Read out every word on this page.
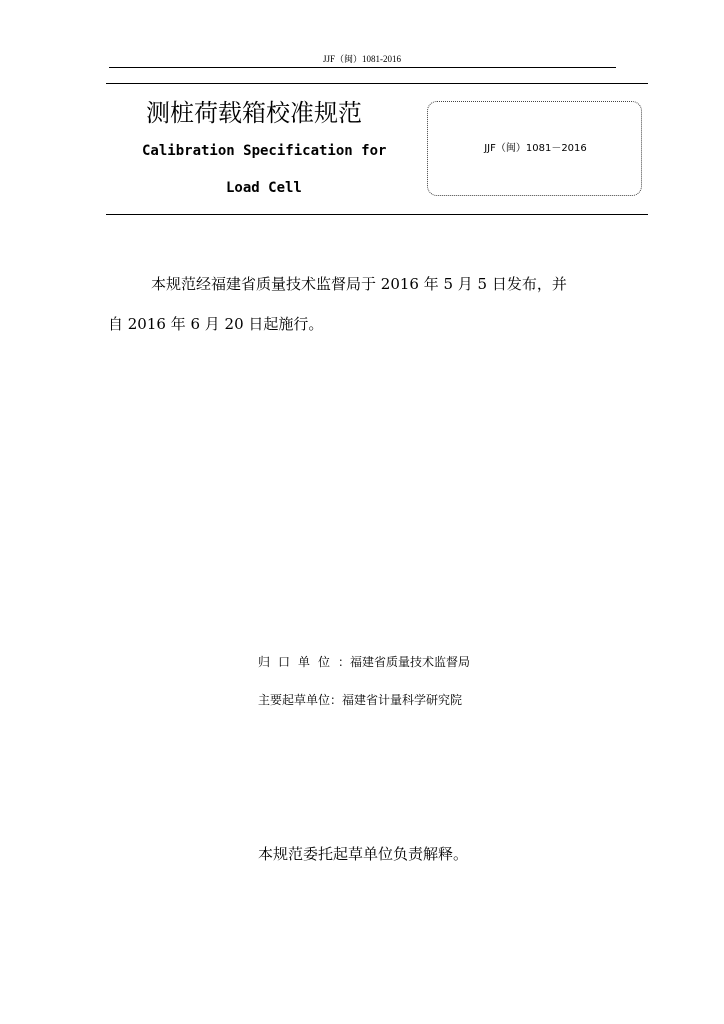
JJF（闽）1081-2016
测桩荷载箱校准规范
Calibration Specification for
Load Cell
JJF（闽）1081－2016
本规范经福建省质量技术监督局于 2016 年 5 月 5 日发布，并
自 2016 年 6 月 20 日起施行。
归口单位：福建省质量技术监督局
主要起草单位：福建省计量科学研究院
本规范委托起草单位负责解释。
